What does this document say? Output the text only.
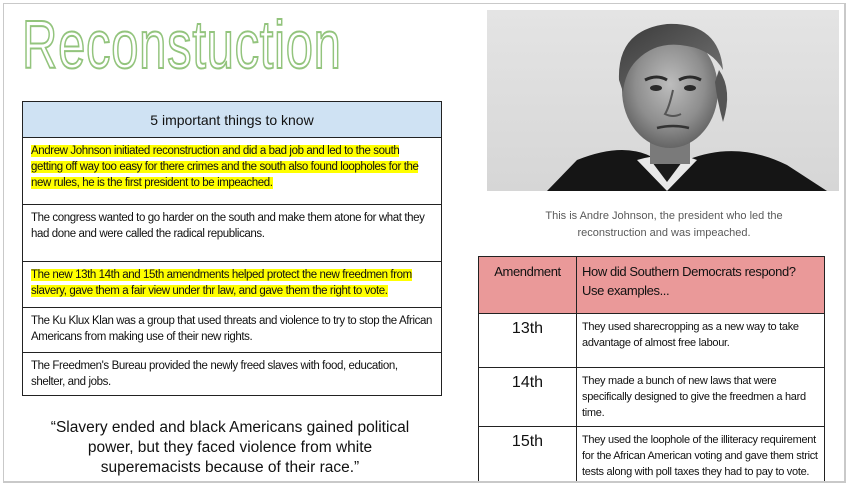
Reconstuction
5 important things to know
Andrew Johnson initiated reconstruction and did a bad job and led to the south getting off way too easy for there crimes and the south also found loopholes for the new rules, he is the first president to be impeached.
The congress wanted to go harder on the south and make them atone for what they had done and were called the radical republicans.
The new 13th 14th and 15th amendments helped protect the new freedmen from slavery, gave them a fair view under thr law, and gave them the right to vote.
The Ku Klux Klan was a group that used threats and violence to try to stop the African Americans from making use of their new rights.
The Freedmen's Bureau provided the newly freed slaves with food, education, shelter, and jobs.

“Slavery ended and black Americans gained political power, but they faced violence from white superemacists because of their race.”

This is Andre Johnson, the president who led the reconstruction and was impeached.

Amendment	How did Southern Democrats respond? Use examples...
13th	They used sharecropping as a new way to take advantage of almost free labour.
14th	They made a bunch of new laws that were specifically designed to give the freedmen a hard time.
15th	They used the loophole of the illiteracy requirement for the African American voting and gave them strict tests along with poll taxes they had to pay to vote.
